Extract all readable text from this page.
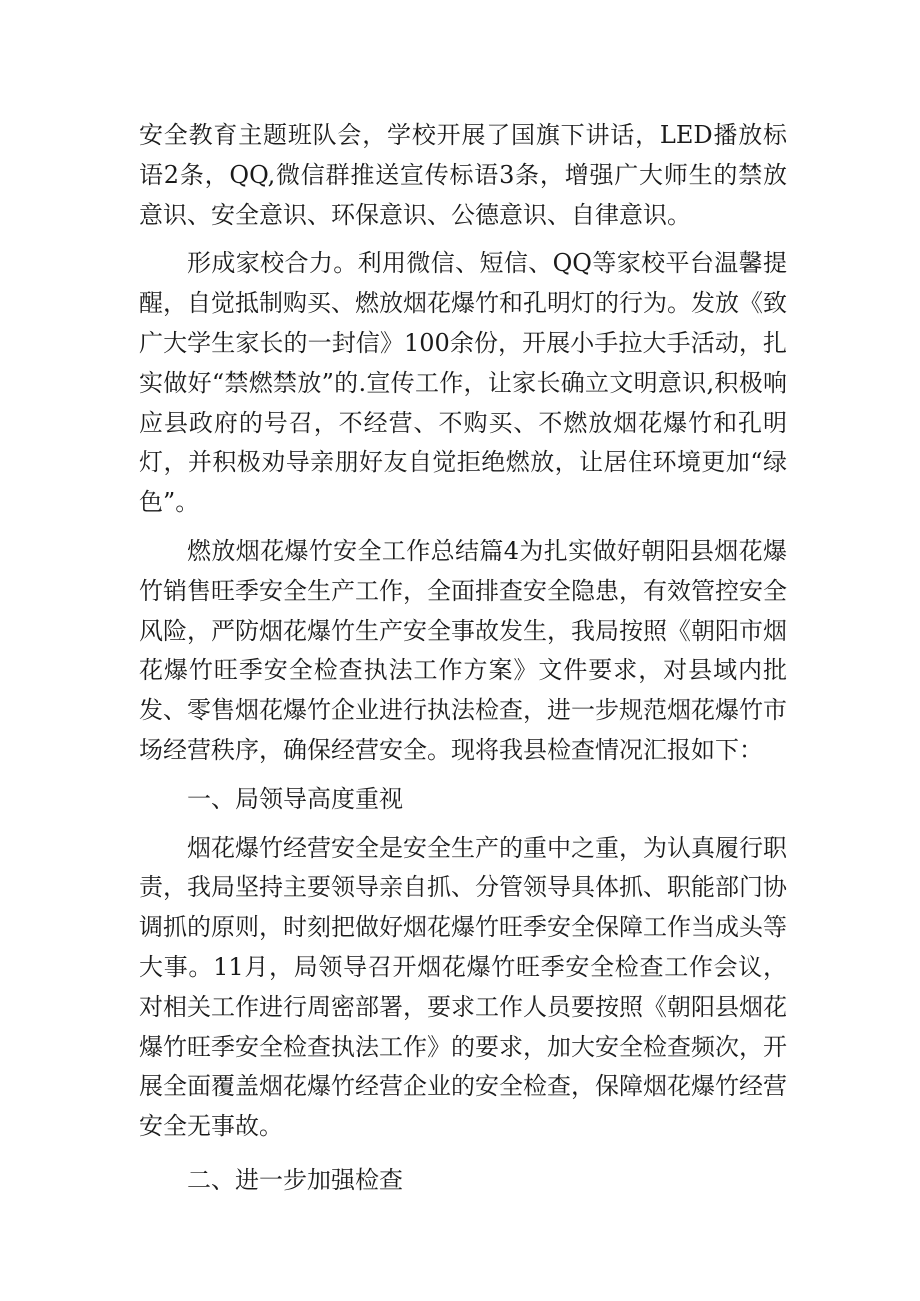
安全教育主题班队会，学校开展了国旗下讲话，LED播放标语2条，QQ,微信群推送宣传标语3条，增强广大师生的禁放意识、安全意识、环保意识、公德意识、自律意识。

形成家校合力。利用微信、短信、QQ等家校平台温馨提醒，自觉抵制购买、燃放烟花爆竹和孔明灯的行为。发放《致广大学生家长的一封信》100余份，开展小手拉大手活动，扎实做好“禁燃禁放”的.宣传工作，让家长确立文明意识,积极响应县政府的号召，不经营、不购买、不燃放烟花爆竹和孔明灯，并积极劝导亲朋好友自觉拒绝燃放，让居住环境更加“绿色”。

燃放烟花爆竹安全工作总结篇4为扎实做好朝阳县烟花爆竹销售旺季安全生产工作，全面排查安全隐患，有效管控安全风险，严防烟花爆竹生产安全事故发生，我局按照《朝阳市烟花爆竹旺季安全检查执法工作方案》文件要求，对县域内批发、零售烟花爆竹企业进行执法检查，进一步规范烟花爆竹市场经营秩序，确保经营安全。现将我县检查情况汇报如下：

一、局领导高度重视

烟花爆竹经营安全是安全生产的重中之重，为认真履行职责，我局坚持主要领导亲自抓、分管领导具体抓、职能部门协调抓的原则，时刻把做好烟花爆竹旺季安全保障工作当成头等大事。11月，局领导召开烟花爆竹旺季安全检查工作会议，对相关工作进行周密部署，要求工作人员要按照《朝阳县烟花爆竹旺季安全检查执法工作》的要求，加大安全检查频次，开展全面覆盖烟花爆竹经营企业的安全检查，保障烟花爆竹经营安全无事故。

二、进一步加强检查
